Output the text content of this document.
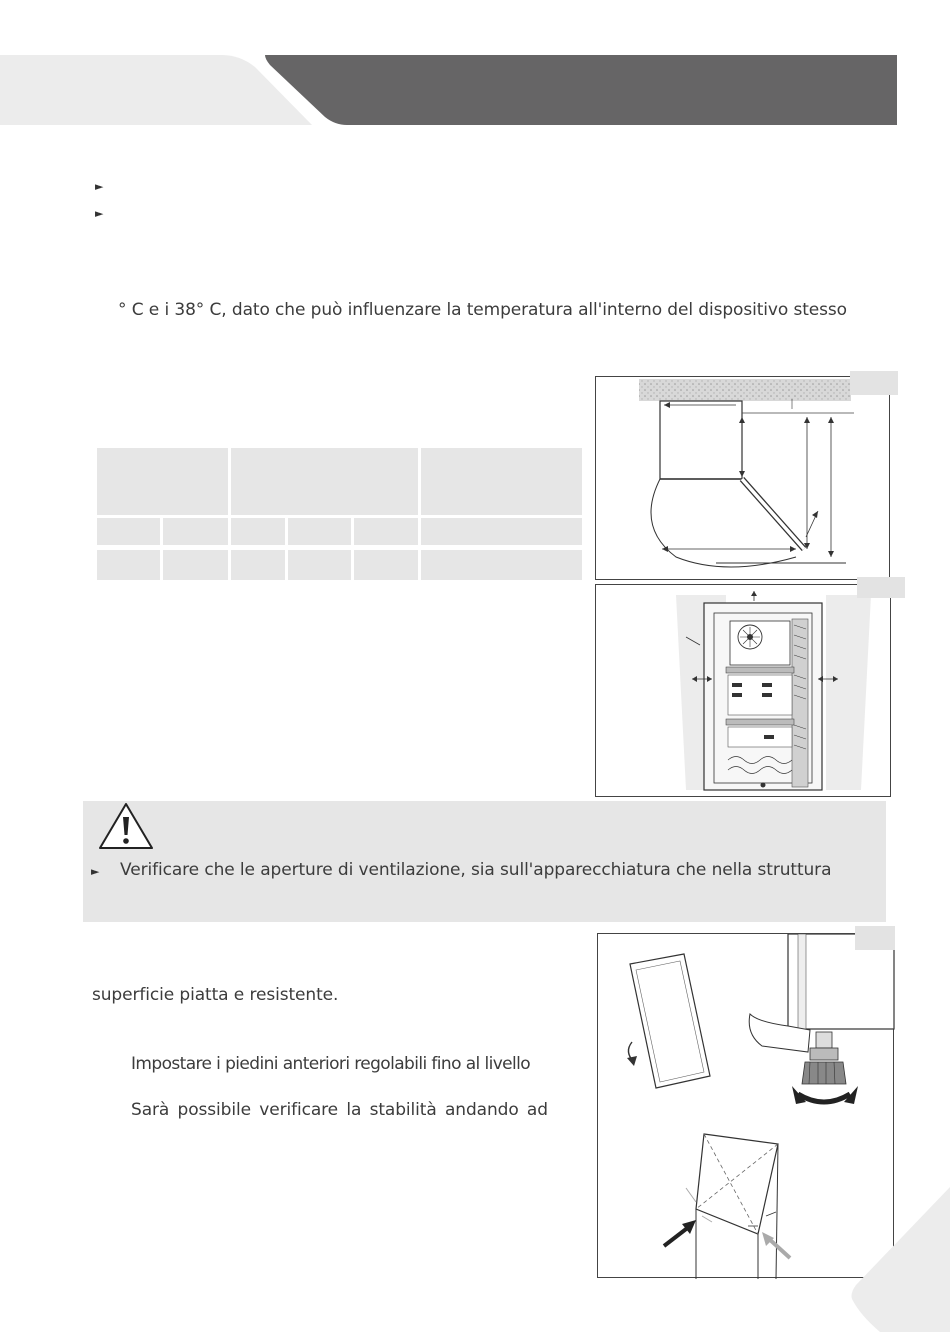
►
►
° C e i 38° C, dato che può influenzare la temperatura all'interno del dispositivo stesso
► Verificare che le aperture di ventilazione, sia sull'apparecchiatura che nella struttura
superficie piatta e resistente.
Impostare i piedini anteriori regolabili fino al livello
Sarà possibile verificare la stabilità andando ad
